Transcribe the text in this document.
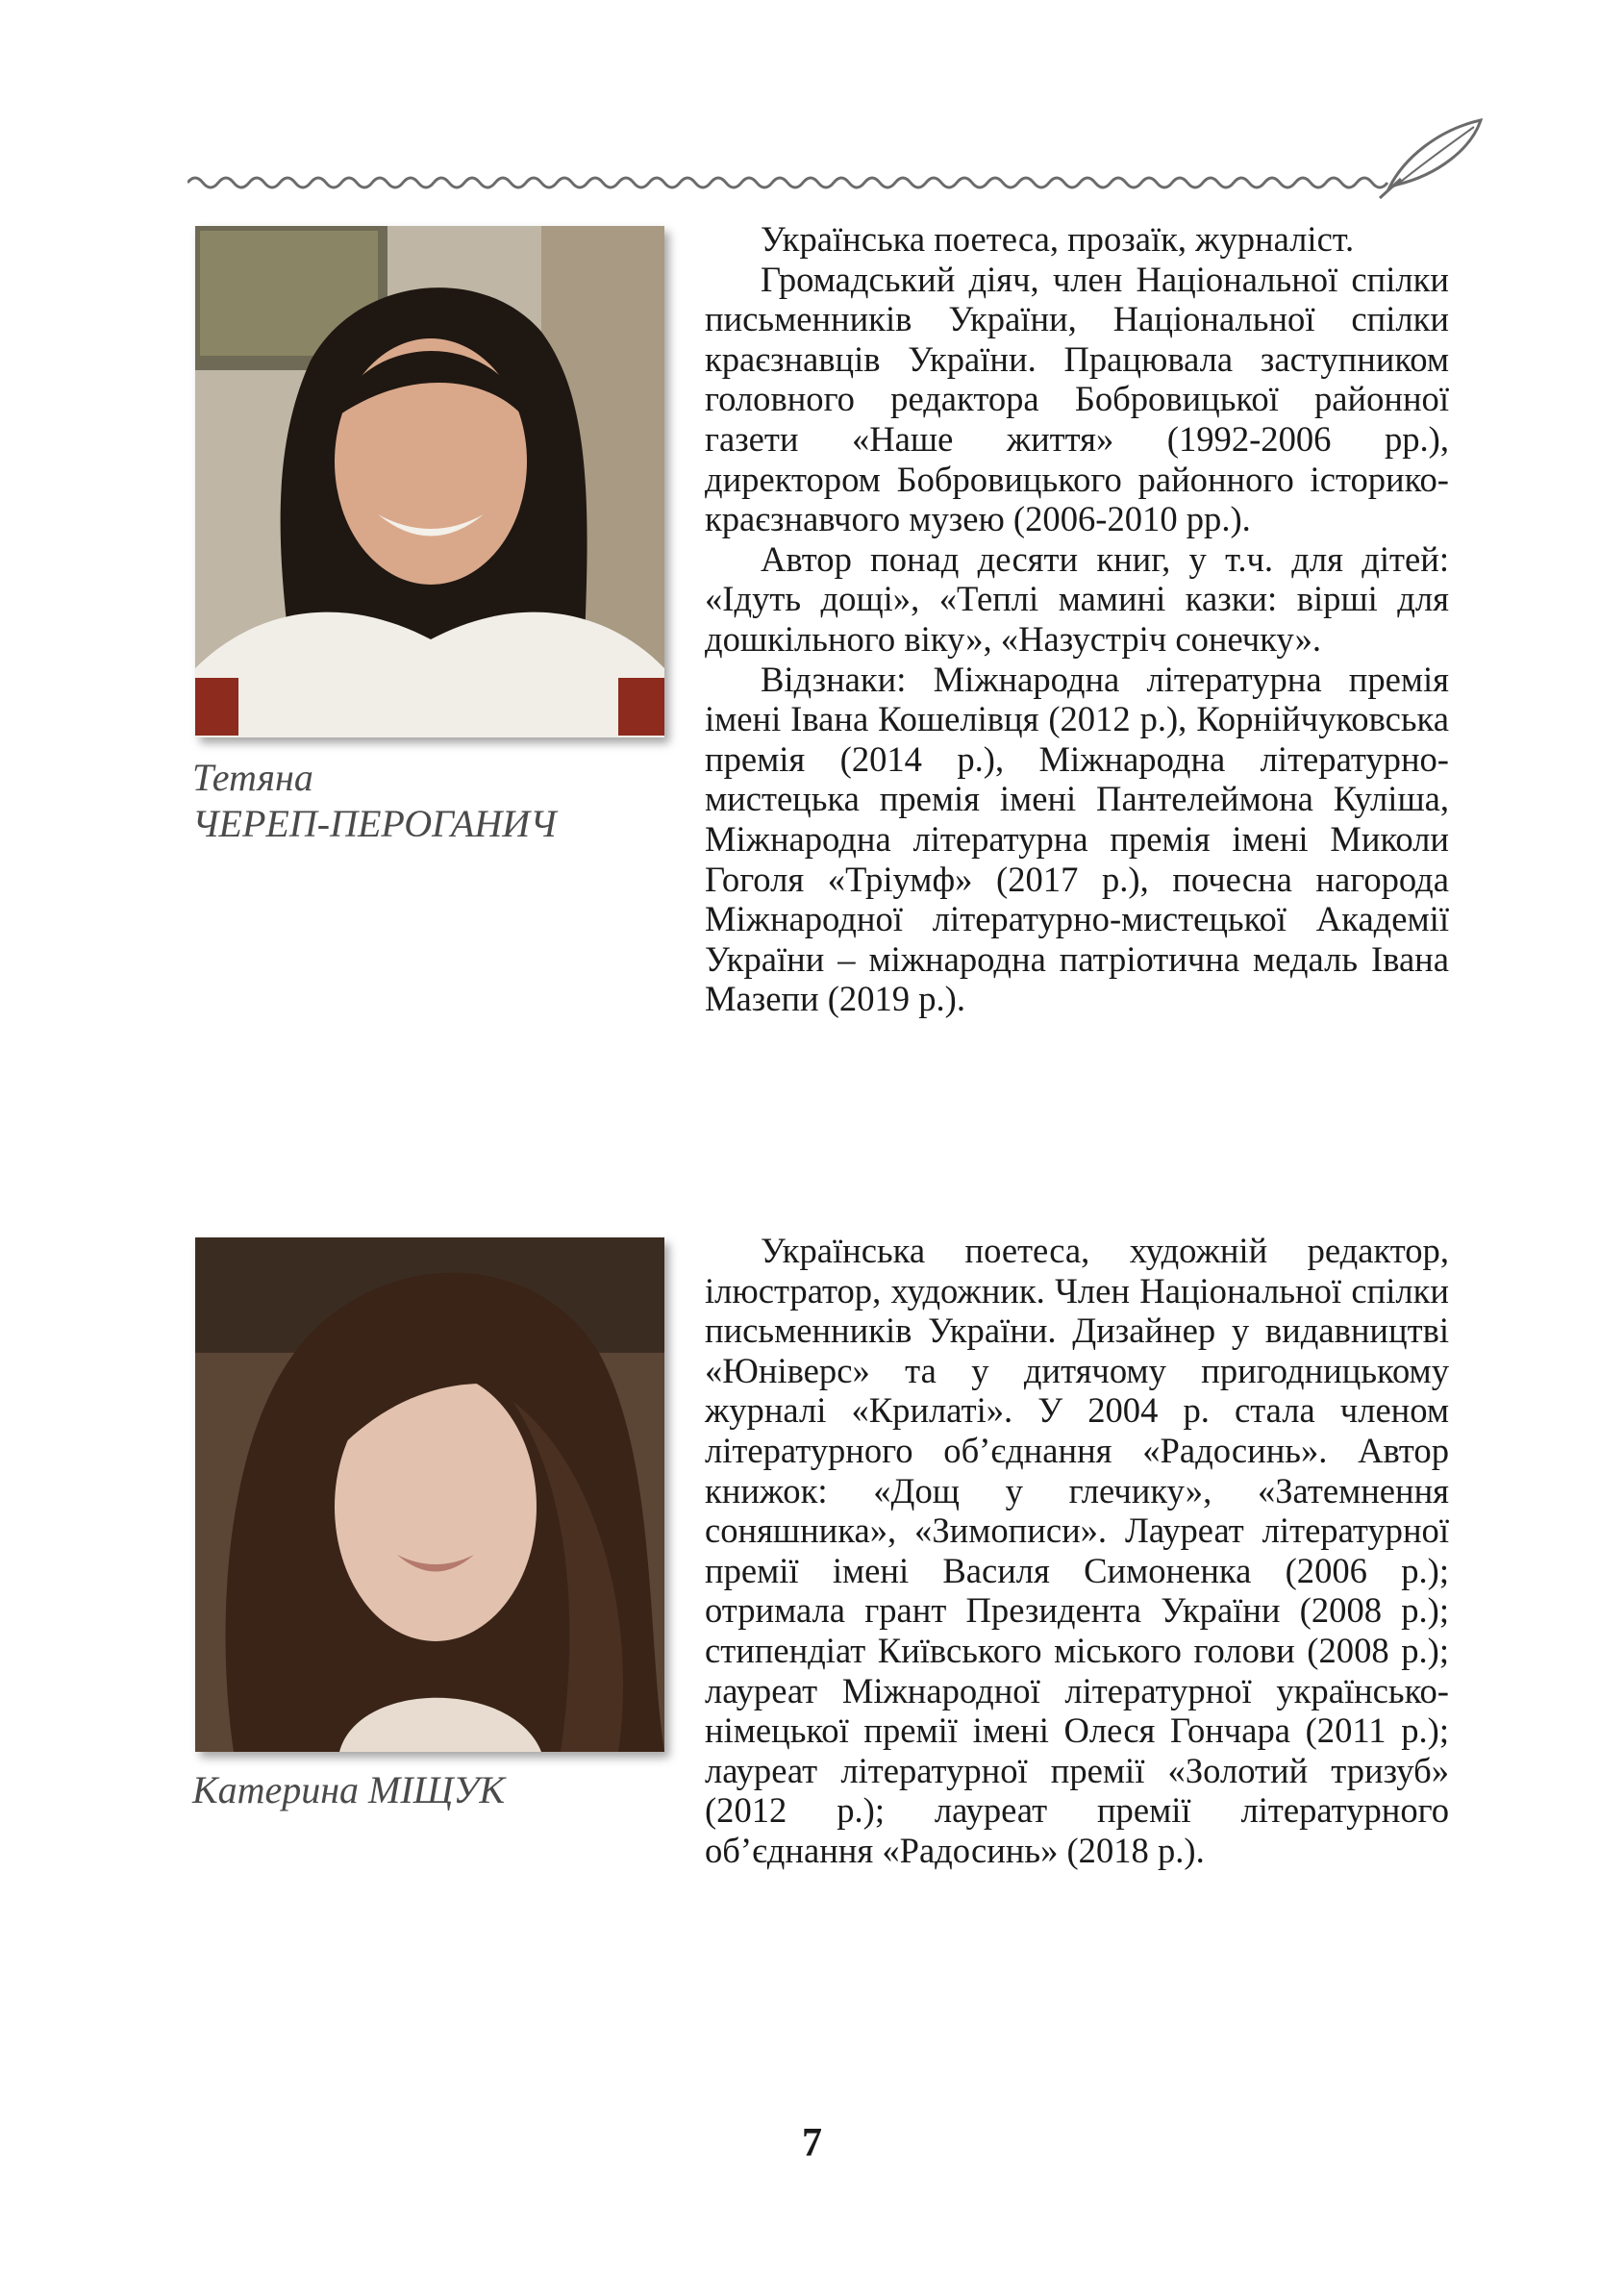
Тетяна
ЧЕРЕП-ПЕРОГАНИЧ

Українська поетеса, прозаїк, журналіст.

Громадський діяч, член Національної спілки письменників України, Національної спілки краєзнавців України. Працювала заступником головного редактора Бобровицької районної газети «Наше життя» (1992-2006 рр.), директором Бобровицького районного історико-краєзнавчого музею (2006-2010 рр.).

Автор понад десяти книг, у т.ч. для дітей: «Ідуть дощі», «Теплі мамині казки: вірші для дошкільного віку», «Назустріч сонечку».

Відзнаки: Міжнародна літературна премія імені Івана Кошелівця (2012 р.), Корнійчуковська премія (2014 р.), Міжнародна літературно-мистецька премія імені Пантелеймона Куліша, Міжнародна літературна премія імені Миколи Гоголя «Тріумф» (2017 р.), почесна нагорода Міжнародної літературно-мистецької Академії України – міжнародна патріотична медаль Івана Мазепи (2019 р.).

Катерина МІЩУК

Українська поетеса, художній редактор, ілюстратор, художник. Член Національної спілки письменників України. Дизайнер у видавництві «Юніверс» та у дитячому пригодницькому журналі «Крилаті». У 2004 р. стала членом літературного об’єднання «Радосинь». Автор книжок: «Дощ у глечику», «Затемнення соняшника», «Зимописи». Лауреат літературної премії імені Василя Симоненка (2006 р.); отримала грант Президента України (2008 р.); стипендіат Київського міського голови (2008 р.); лауреат Міжнародної літературної українсько-німецької премії імені Олеся Гончара (2011 р.); лауреат літературної премії «Золотий тризуб» (2012 р.); лауреат премії літературного об’єднання «Радосинь» (2018 р.).

7
